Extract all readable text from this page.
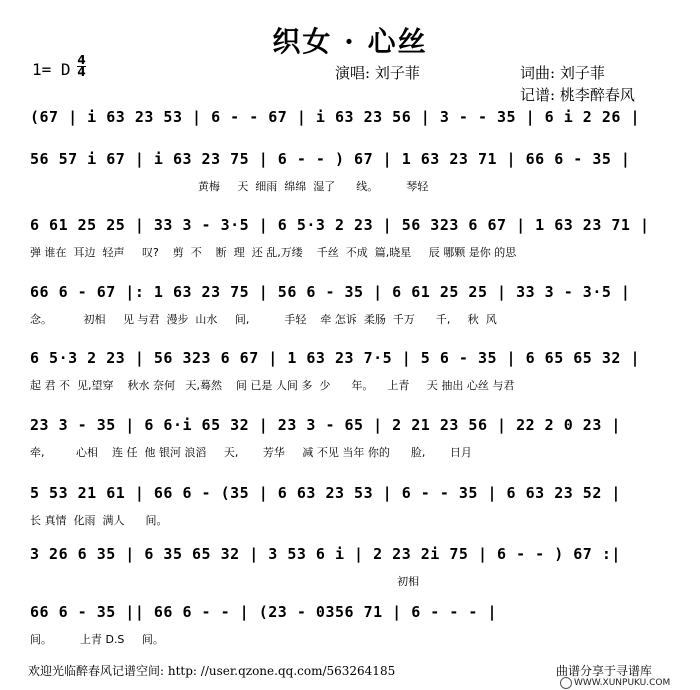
织女 · 心丝
1= D 4
4	演唱: 刘子菲	词曲: 刘子菲
记谱: 桃李醉春风
(67 | i 63 23 53 | 6 - - 67 | i 63 23 56 | 3 - - 35 | 6 i 2 26 |
56 57 i 67 | i 63 23 75 | 6 - - ) 67 | 1 63 23 71 | 66 6 - 35 |
黄梅     天  细雨  绵绵  湿了      线。        琴轻
6 61 25 25 | 33 3 - 3·5 | 6 5·3 2 23 | 56 323 6 67 | 1 63 23 71 |
弹 谁在  耳边  轻声     叹?    剪  不    断  理  还 乱,万缕    千丝  不成  篇,晓星     辰 哪颗 是你 的思
66 6 - 67 |: 1 63 23 75 | 56 6 - 35 | 6 61 25 25 | 33 3 - 3·5 |
念。         初相     见 与君  漫步  山水     间,          手轻    牵 怎诉  柔肠  千万      千,     秋  风
6 5·3 2 23 | 56 323 6 67 | 1 63 23 7·5 | 5 6 - 35 | 6 65 65 32 |
起 君 不  见,望穿    秋水 奈何   天,蓦然    间 已是 人间 多  少      年。    上青     天 抽出 心丝 与君
23 3 - 35 | 6 6·i 65 32 | 23 3 - 65 | 2 21 23 56 | 22 2 0 23 |
牵,         心相    连 任  他 银河 浪滔     天,       芳华     减 不见 当年 你的      脸,       日月
5 53 21 61 | 66 6 - (35 | 6 63 23 53 | 6 - - 35 | 6 63 23 52 |
长 真情  化雨  满人      间。
3 26 6 35 | 6 35 65 32 | 3 53 6 i | 2 23 2i 75 | 6 - - ) 67 :|
初相
66 6 - 35 || 66 6 - - | (23 - 0356 71 | 6 - - - |
间。        上青 D.S     间。
欢迎光临醉春风记谱空间: http: //user.qzone.qq.com/563264185	曲谱分享于寻谱库
WWW.XUNPUKU.COM
